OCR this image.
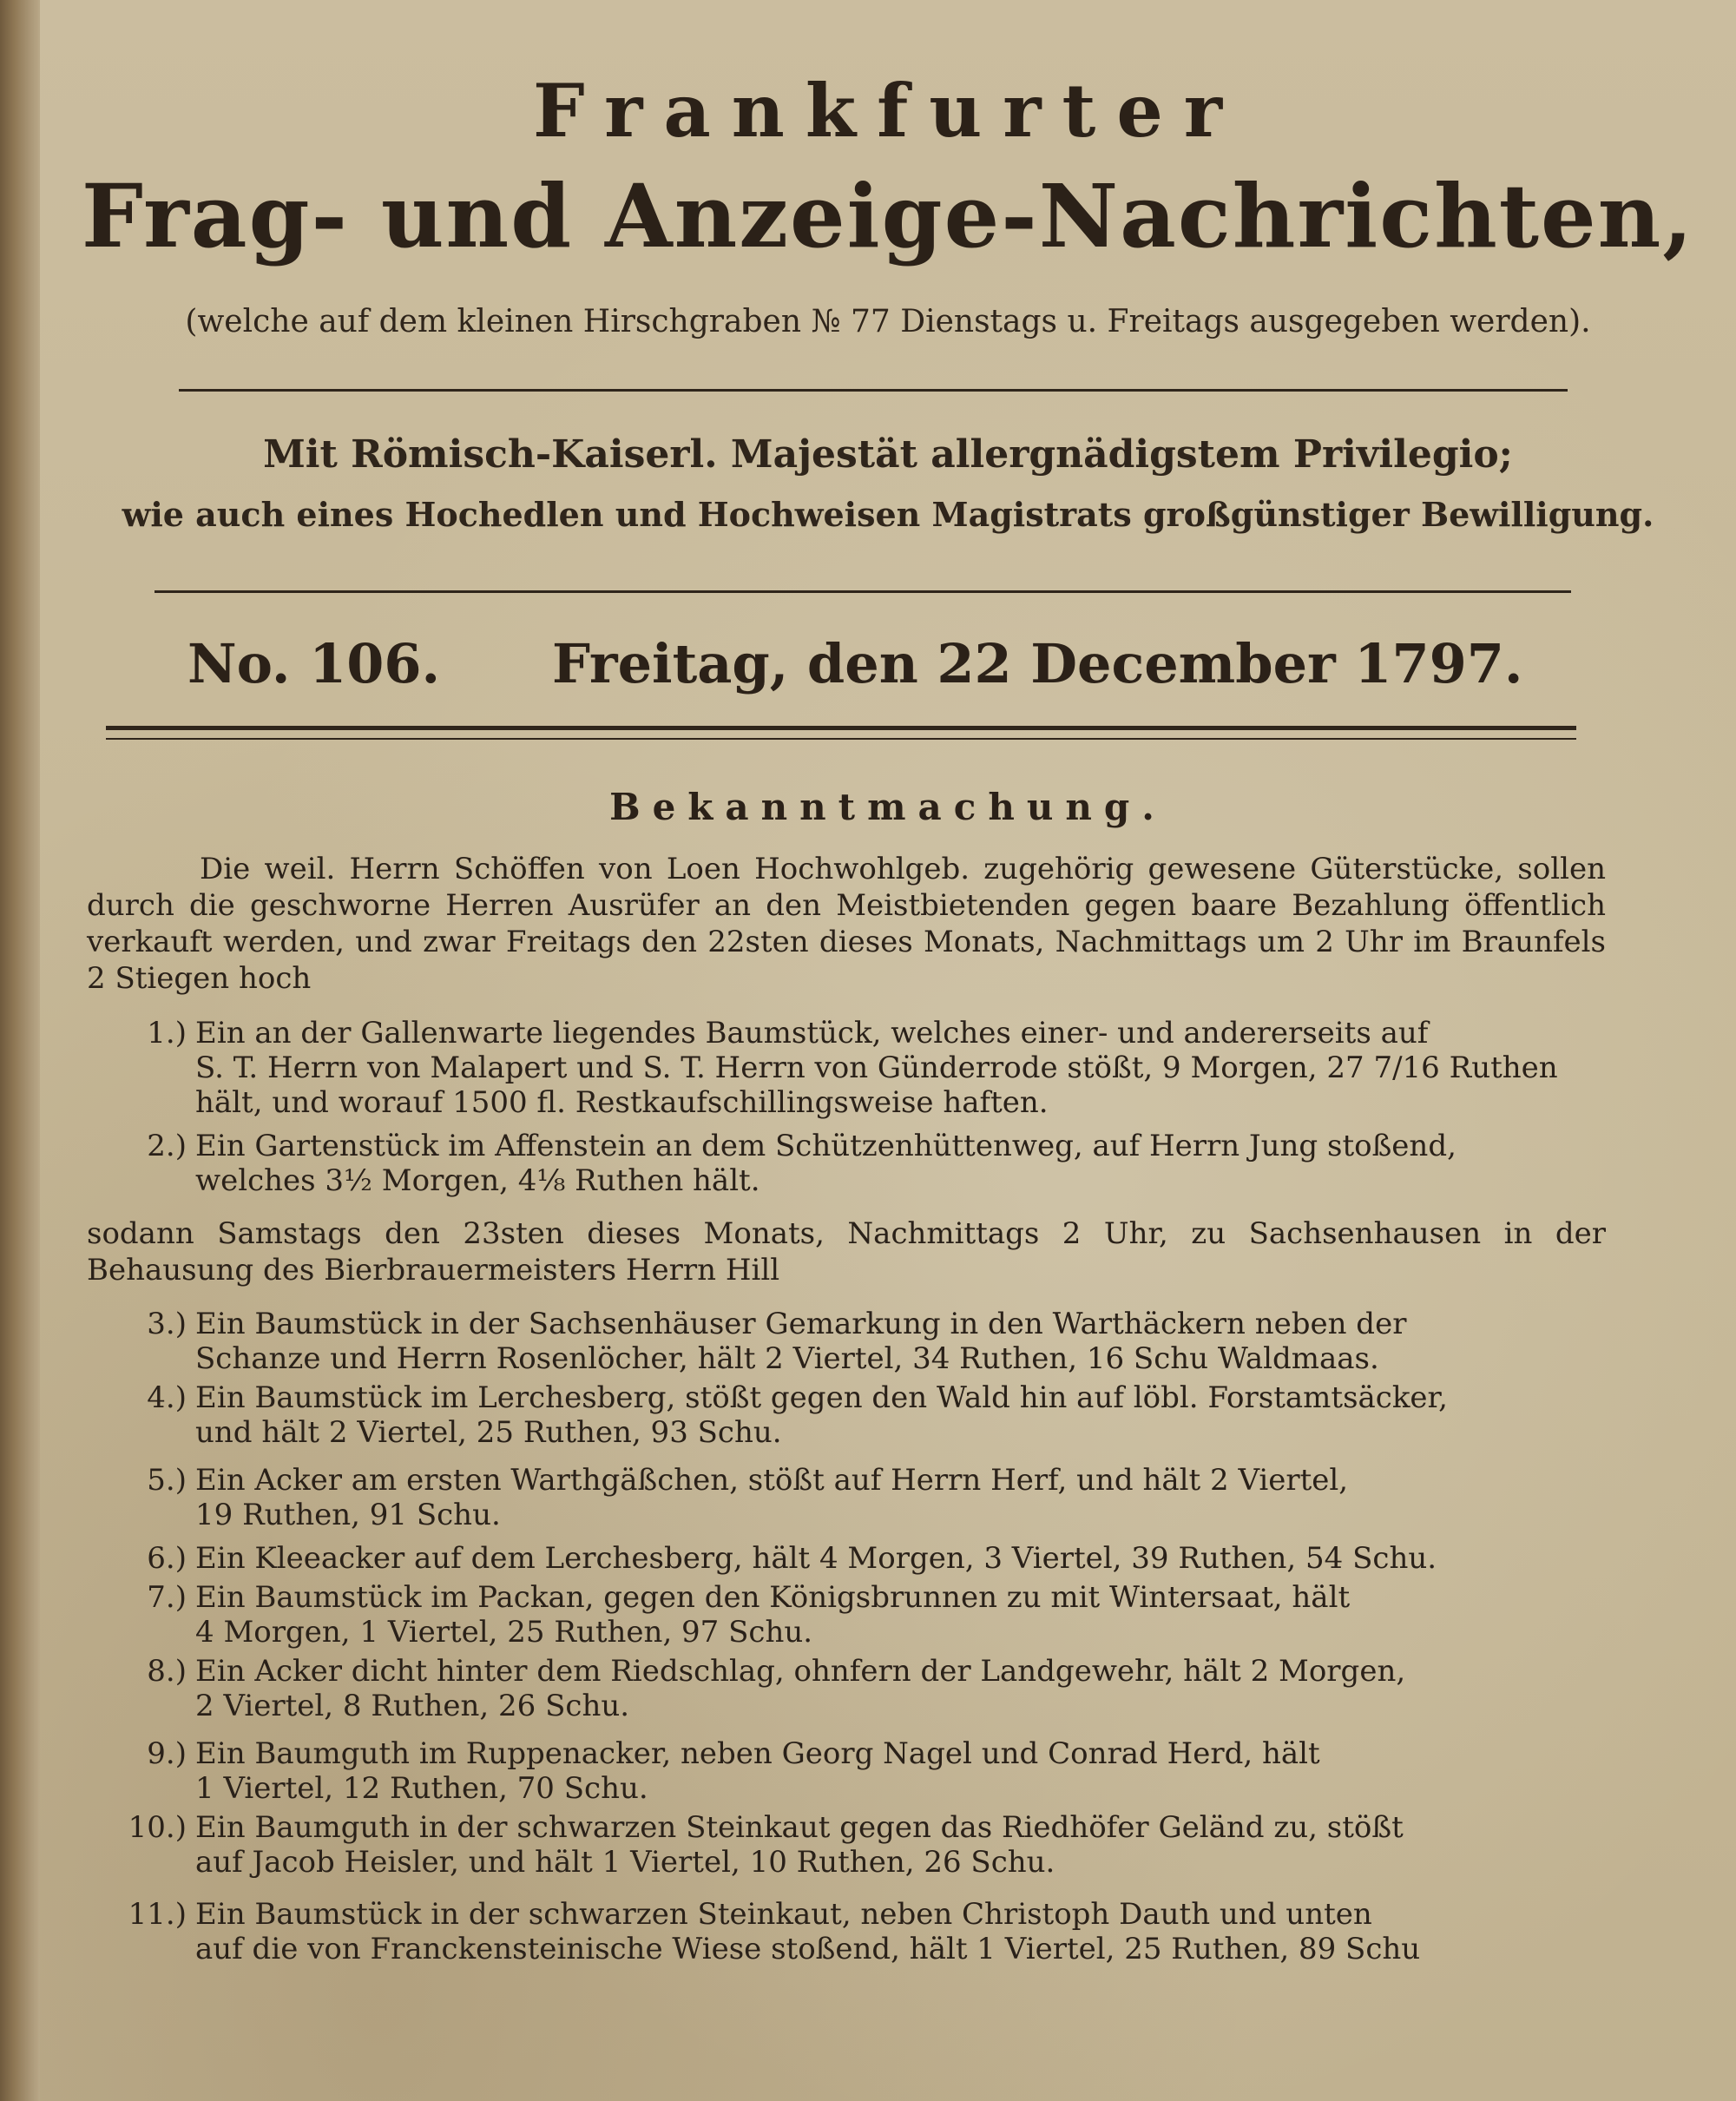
Frankfurter
Frag- und Anzeige-Nachrichten,
(welche auf dem kleinen Hirschgraben № 77 Dienstags u. Freitags ausgegeben werden).
Mit Römisch-Kaiserl. Majestät allergnädigstem Privilegio;
wie auch eines Hochedlen und Hochweisen Magistrats großgünstiger Bewilligung.
No. 106. Freitag, den 22 December 1797.
Bekanntmachung.
Die weil. Herrn Schöffen von Loen Hochwohlgeb. zugehörig gewesene Güterstücke, sollen durch die geschworne Herren Ausrüfer an den Meistbietenden gegen baare Bezahlung öffentlich verkauft werden, und zwar Freitags den 22sten dieses Monats, Nachmittags um 2 Uhr im Braunfels 2 Stiegen hoch
1.) Ein an der Gallenwarte liegendes Baumstück, welches einer- und andererseits auf
S. T. Herrn von Malapert und S. T. Herrn von Günderrode stößt, 9 Morgen, 27 7/16 Ruthen hält, und worauf 1500 fl. Restkaufschillingsweise haften.
2.) Ein Gartenstück im Affenstein an dem Schützenhüttenweg, auf Herrn Jung stoßend,
welches 3½ Morgen, 4⅛ Ruthen hält.
sodann Samstags den 23sten dieses Monats, Nachmittags 2 Uhr, zu Sachsenhausen in der Behausung des Bierbrauermeisters Herrn Hill
3.) Ein Baumstück in der Sachsenhäuser Gemarkung in den Warthäckern neben der
Schanze und Herrn Rosenlöcher, hält 2 Viertel, 34 Ruthen, 16 Schu Waldmaas.
4.) Ein Baumstück im Lerchesberg, stößt gegen den Wald hin auf löbl. Forstamtsäcker,
und hält 2 Viertel, 25 Ruthen, 93 Schu.
5.) Ein Acker am ersten Warthgäßchen, stößt auf Herrn Herf, und hält 2 Viertel,
19 Ruthen, 91 Schu.
6.) Ein Kleeacker auf dem Lerchesberg, hält 4 Morgen, 3 Viertel, 39 Ruthen, 54 Schu.
7.) Ein Baumstück im Packan, gegen den Königsbrunnen zu mit Wintersaat, hält
4 Morgen, 1 Viertel, 25 Ruthen, 97 Schu.
8.) Ein Acker dicht hinter dem Riedschlag, ohnfern der Landgewehr, hält 2 Morgen,
2 Viertel, 8 Ruthen, 26 Schu.
9.) Ein Baumguth im Ruppenacker, neben Georg Nagel und Conrad Herd, hält
1 Viertel, 12 Ruthen, 70 Schu.
10.) Ein Baumguth in der schwarzen Steinkaut gegen das Riedhöfer Geländ zu, stößt
auf Jacob Heisler, und hält 1 Viertel, 10 Ruthen, 26 Schu.
11.) Ein Baumstück in der schwarzen Steinkaut, neben Christoph Dauth und unten
auf die von Franckensteinische Wiese stoßend, hält 1 Viertel, 25 Ruthen, 89 Schu
